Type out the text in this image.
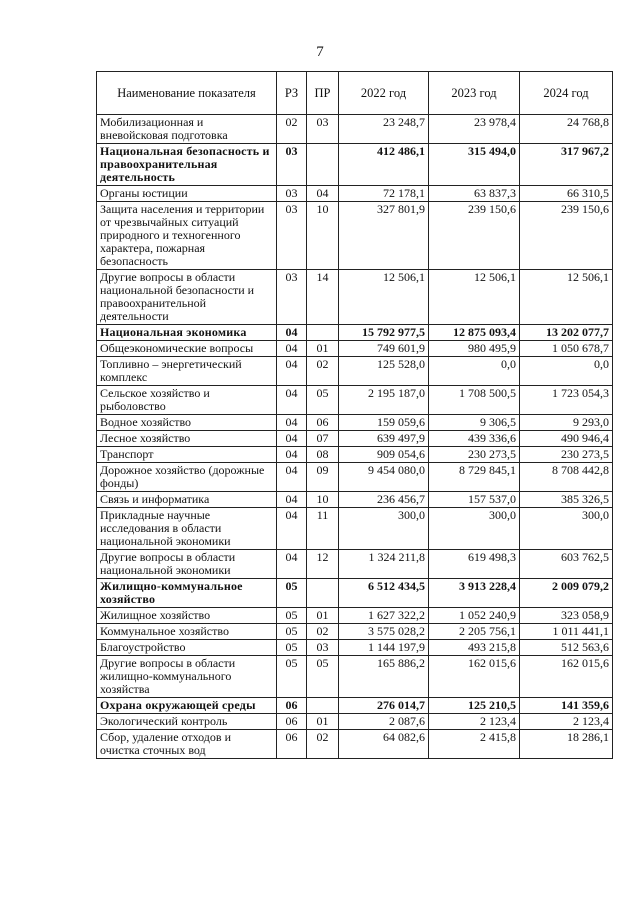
7
Наименование показателя	РЗ	ПР	2022 год	2023 год	2024 год
Мобилизационная и вневойсковая подготовка	02	03	23 248,7	23 978,4	24 768,8
Национальная безопасность и правоохранительная деятельность	03		412 486,1	315 494,0	317 967,2
Органы юстиции	03	04	72 178,1	63 837,3	66 310,5
Защита населения и территории от чрезвычайных ситуаций природного и техногенного характера, пожарная безопасность	03	10	327 801,9	239 150,6	239 150,6
Другие вопросы в области национальной безопасности и правоохранительной деятельности	03	14	12 506,1	12 506,1	12 506,1
Национальная экономика	04		15 792 977,5	12 875 093,4	13 202 077,7
Общеэкономические вопросы	04	01	749 601,9	980 495,9	1 050 678,7
Топливно – энергетический комплекс	04	02	125 528,0	0,0	0,0
Сельское хозяйство и рыболовство	04	05	2 195 187,0	1 708 500,5	1 723 054,3
Водное хозяйство	04	06	159 059,6	9 306,5	9 293,0
Лесное хозяйство	04	07	639 497,9	439 336,6	490 946,4
Транспорт	04	08	909 054,6	230 273,5	230 273,5
Дорожное хозяйство (дорожные фонды)	04	09	9 454 080,0	8 729 845,1	8 708 442,8
Связь и информатика	04	10	236 456,7	157 537,0	385 326,5
Прикладные научные исследования в области национальной экономики	04	11	300,0	300,0	300,0
Другие вопросы в области национальной экономики	04	12	1 324 211,8	619 498,3	603 762,5
Жилищно-коммунальное хозяйство	05		6 512 434,5	3 913 228,4	2 009 079,2
Жилищное хозяйство	05	01	1 627 322,2	1 052 240,9	323 058,9
Коммунальное хозяйство	05	02	3 575 028,2	2 205 756,1	1 011 441,1
Благоустройство	05	03	1 144 197,9	493 215,8	512 563,6
Другие вопросы в области жилищно-коммунального хозяйства	05	05	165 886,2	162 015,6	162 015,6
Охрана окружающей среды	06		276 014,7	125 210,5	141 359,6
Экологический контроль	06	01	2 087,6	2 123,4	2 123,4
Сбор, удаление отходов и очистка сточных вод	06	02	64 082,6	2 415,8	18 286,1
